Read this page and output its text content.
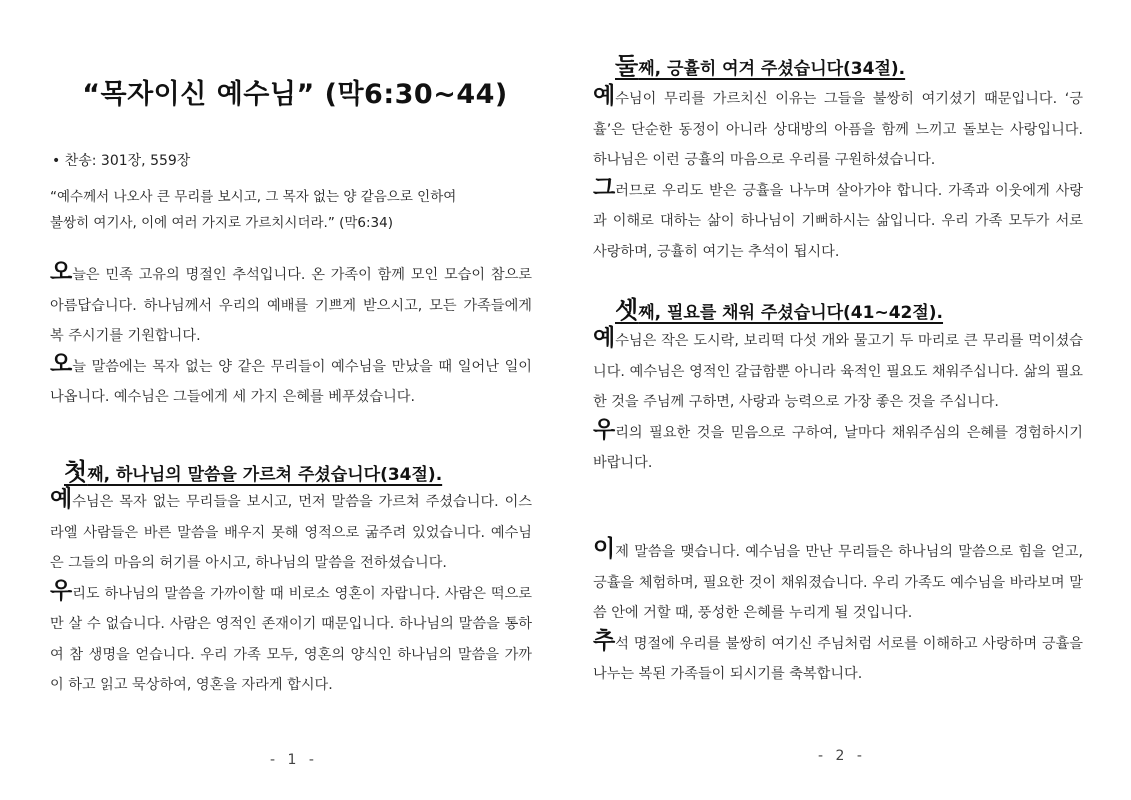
“목자이신 예수님” (막6:30~44)
• 찬송: 301장, 559장
“예수께서 나오사 큰 무리를 보시고, 그 목자 없는 양 같음으로 인하여
불쌍히 여기사, 이에 여러 가지로 가르치시더라.” (막6:34)

오늘은 민족 고유의 명절인 추석입니다. 온 가족이 함께 모인 모습이 참으로 아름답습니다. 하나님께서 우리의 예배를 기쁘게 받으시고, 모든 가족들에게 복 주시기를 기원합니다.

오늘 말씀에는 목자 없는 양 같은 무리들이 예수님을 만났을 때 일어난 일이 나옵니다. 예수님은 그들에게 세 가지 은혜를 베푸셨습니다.

첫째, 하나님의 말씀을 가르쳐 주셨습니다(34절).

예수님은 목자 없는 무리들을 보시고, 먼저 말씀을 가르쳐 주셨습니다. 이스라엘 사람들은 바른 말씀을 배우지 못해 영적으로 굶주려 있었습니다. 예수님은 그들의 마음의 허기를 아시고, 하나님의 말씀을 전하셨습니다.

우리도 하나님의 말씀을 가까이할 때 비로소 영혼이 자랍니다. 사람은 떡으로만 살 수 없습니다. 사람은 영적인 존재이기 때문입니다. 하나님의 말씀을 통하여 참 생명을 얻습니다. 우리 가족 모두, 영혼의 양식인 하나님의 말씀을 가까이 하고 읽고 묵상하여, 영혼을 자라게 합시다.

- 1 -
둘째, 긍휼히 여겨 주셨습니다(34절).

예수님이 무리를 가르치신 이유는 그들을 불쌍히 여기셨기 때문입니다. ‘긍휼’은 단순한 동정이 아니라 상대방의 아픔을 함께 느끼고 돌보는 사랑입니다. 하나님은 이런 긍휼의 마음으로 우리를 구원하셨습니다.

그러므로 우리도 받은 긍휼을 나누며 살아가야 합니다. 가족과 이웃에게 사랑과 이해로 대하는 삶이 하나님이 기뻐하시는 삶입니다. 우리 가족 모두가 서로 사랑하며, 긍휼히 여기는 추석이 됩시다.

셋째, 필요를 채워 주셨습니다(41~42절).

예수님은 작은 도시락, 보리떡 다섯 개와 물고기 두 마리로 큰 무리를 먹이셨습니다. 예수님은 영적인 갈급함뿐 아니라 육적인 필요도 채워주십니다. 삶의 필요한 것을 주님께 구하면, 사랑과 능력으로 가장 좋은 것을 주십니다.

우리의 필요한 것을 믿음으로 구하여, 날마다 채워주심의 은혜를 경험하시기 바랍니다.

이제 말씀을 맺습니다. 예수님을 만난 무리들은 하나님의 말씀으로 힘을 얻고, 긍휼을 체험하며, 필요한 것이 채워졌습니다. 우리 가족도 예수님을 바라보며 말씀 안에 거할 때, 풍성한 은혜를 누리게 될 것입니다.

추석 명절에 우리를 불쌍히 여기신 주님처럼 서로를 이해하고 사랑하며 긍휼을 나누는 복된 가족들이 되시기를 축복합니다.

- 2 -
